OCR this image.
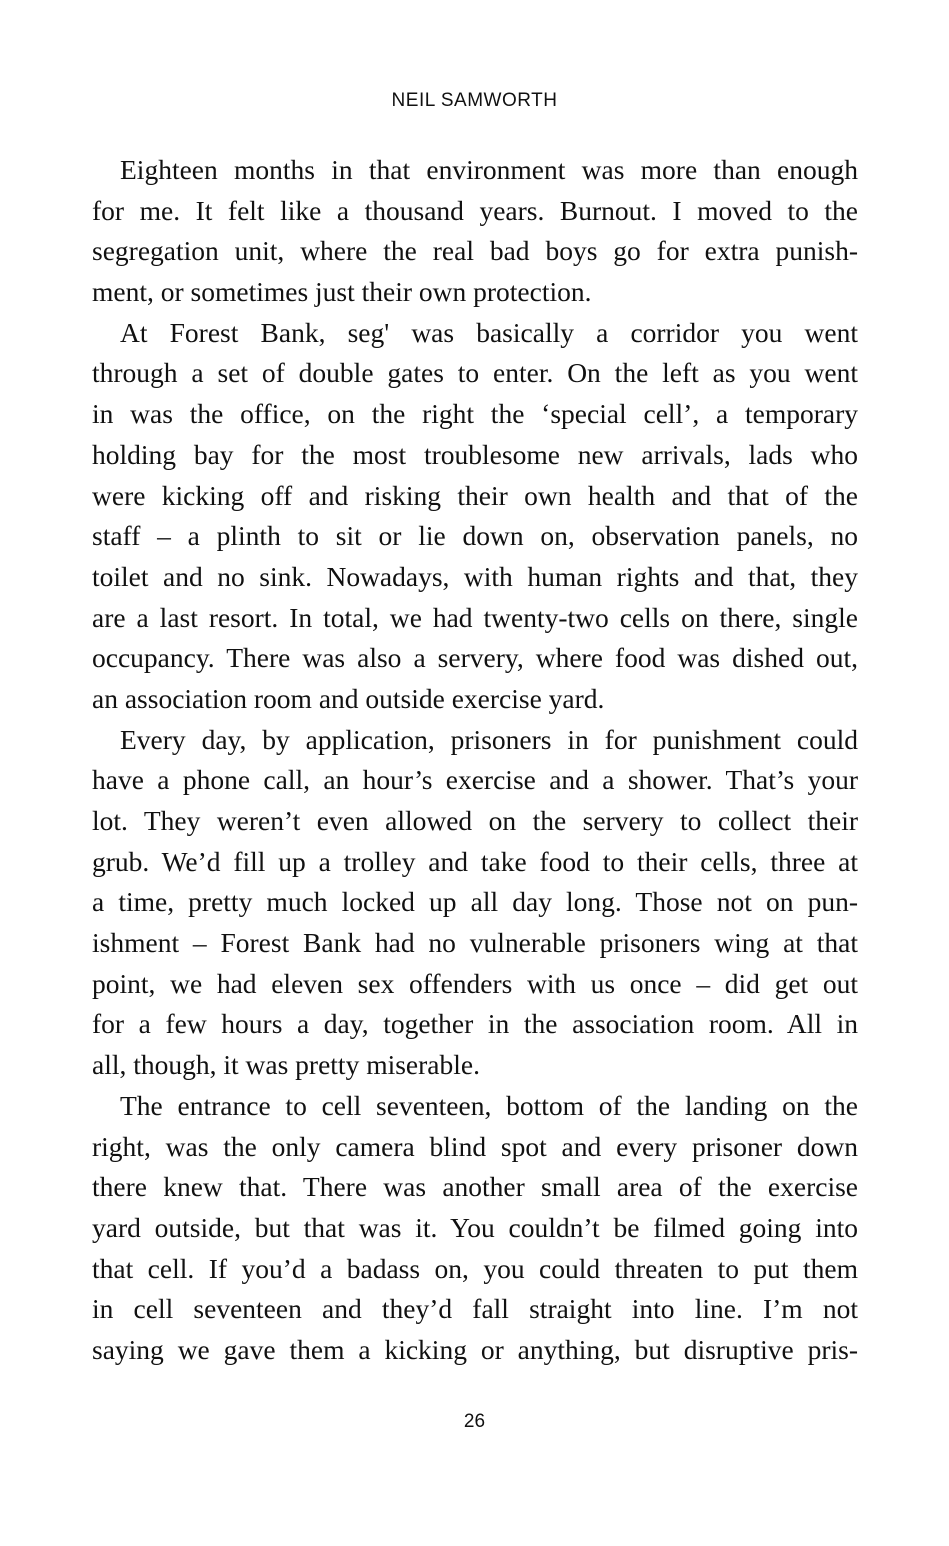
NEIL SAMWORTH
Eighteen months in that environment was more than enough
for me. It felt like a thousand years. Burnout. I moved to the
segregation unit, where the real bad boys go for extra punish-
ment, or sometimes just their own protection.
At Forest Bank, seg' was basically a corridor you went
through a set of double gates to enter. On the left as you went
in was the office, on the right the ‘special cell’, a temporary
holding bay for the most troublesome new arrivals, lads who
were kicking off and risking their own health and that of the
staff – a plinth to sit or lie down on, observation panels, no
toilet and no sink. Nowadays, with human rights and that, they
are a last resort. In total, we had twenty-two cells on there, single
occupancy. There was also a servery, where food was dished out,
an association room and outside exercise yard.
Every day, by application, prisoners in for punishment could
have a phone call, an hour’s exercise and a shower. That’s your
lot. They weren’t even allowed on the servery to collect their
grub. We’d fill up a trolley and take food to their cells, three at
a time, pretty much locked up all day long. Those not on pun-
ishment – Forest Bank had no vulnerable prisoners wing at that
point, we had eleven sex offenders with us once – did get out
for a few hours a day, together in the association room. All in
all, though, it was pretty miserable.
The entrance to cell seventeen, bottom of the landing on the
right, was the only camera blind spot and every prisoner down
there knew that. There was another small area of the exercise
yard outside, but that was it. You couldn’t be filmed going into
that cell. If you’d a badass on, you could threaten to put them
in cell seventeen and they’d fall straight into line. I’m not
saying we gave them a kicking or anything, but disruptive pris-
26
